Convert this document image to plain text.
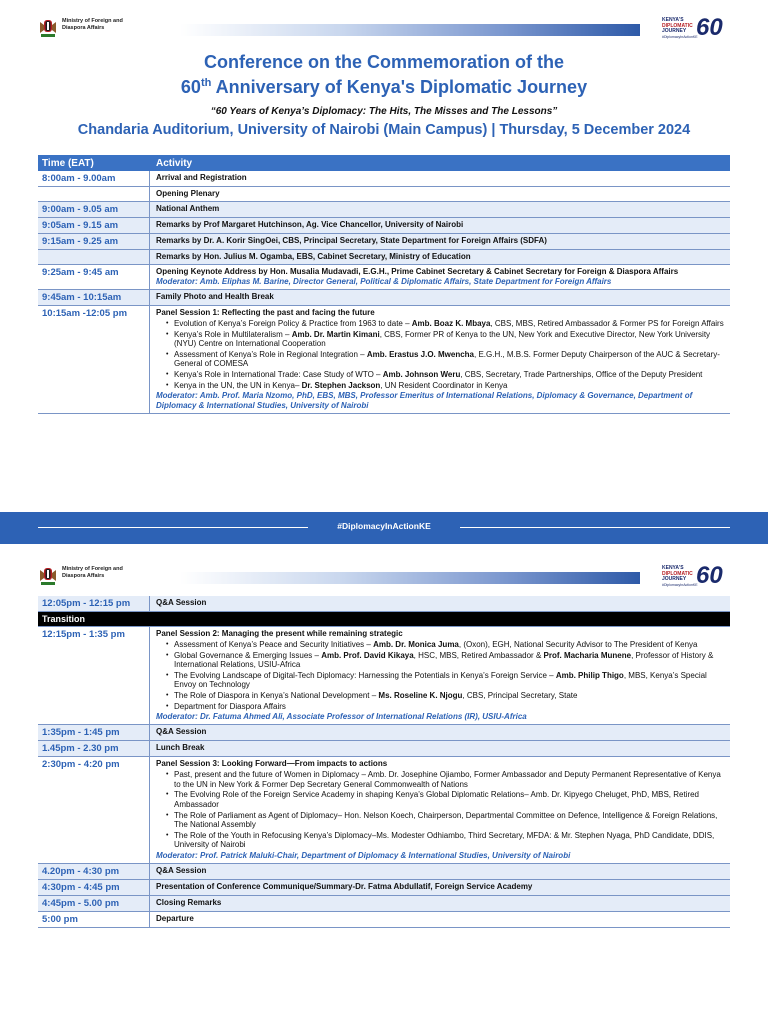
Ministry of Foreign and
Diaspora Affairs
KENYA'S
DIPLOMATIC
JOURNEY
#DiplomacyInActionKE
60
Conference on the Commemoration of the
60th Anniversary of Kenya's Diplomatic Journey
“60 Years of Kenya’s Diplomacy: The Hits, The Misses and The Lessons”
Chandaria Auditorium, University of Nairobi (Main Campus) | Thursday, 5 December 2024
Time (EAT)	Activity
8:00am - 9.00am	Arrival and Registration
Opening Plenary
9:00am - 9.05 am	National Anthem
9:05am - 9.15 am	Remarks by Prof Margaret Hutchinson, Ag. Vice Chancellor, University of Nairobi
9:15am - 9.25 am	Remarks by Dr. A. Korir SingOei, CBS, Principal Secretary, State Department for Foreign Affairs (SDFA)
Remarks by Hon. Julius M. Ogamba, EBS, Cabinet Secretary, Ministry of Education
9:25am - 9:45 am	Opening Keynote Address by Hon. Musalia Mudavadi, E.G.H., Prime Cabinet Secretary & Cabinet Secretary for Foreign & Diaspora Affairs
Moderator: Amb. Eliphas M. Barine, Director General, Political & Diplomatic Affairs, State Department for Foreign Affairs
9:45am - 10:15am	Family Photo and Health Break
10:15am -12:05 pm	Panel Session 1: Reflecting the past and facing the future
• Evolution of Kenya’s Foreign Policy & Practice from 1963 to date – Amb. Boaz K. Mbaya, CBS, MBS, Retired Ambassador & Former PS for Foreign Affairs
• Kenya’s Role in Multilateralism – Amb. Dr. Martin Kimani, CBS, Former PR of Kenya to the UN, New York and Executive Director, New York University (NYU) Centre on International Cooperation
• Assessment of Kenya’s Role in Regional Integration – Amb. Erastus J.O. Mwencha, E.G.H., M.B.S. Former Deputy Chairperson of the AUC & Secretary-General of COMESA
• Kenya’s Role in International Trade: Case Study of WTO – Amb. Johnson Weru, CBS, Secretary, Trade Partnerships, Office of the Deputy President
• Kenya in the UN, the UN in Kenya– Dr. Stephen Jackson, UN Resident Coordinator in Kenya
Moderator: Amb. Prof. Maria Nzomo, PhD, EBS, MBS, Professor Emeritus of International Relations, Diplomacy & Governance, Department of Diplomacy & International Studies, University of Nairobi
#DiplomacyInActionKE
Ministry of Foreign and
Diaspora Affairs
KENYA'S
DIPLOMATIC
JOURNEY
#DiplomacyInActionKE
60
12:05pm - 12:15 pm	Q&A Session
Transition
12:15pm - 1:35 pm	Panel Session 2: Managing the present while remaining strategic
• Assessment of Kenya’s Peace and Security Initiatives – Amb. Dr. Monica Juma, (Oxon), EGH, National Security Advisor to The President of Kenya
• Global Governance & Emerging Issues – Amb. Prof. David Kikaya, HSC, MBS, Retired Ambassador & Prof. Macharia Munene, Professor of History & International Relations, USIU-Africa
• The Evolving Landscape of Digital-Tech Diplomacy: Harnessing the Potentials in Kenya’s Foreign Service – Amb. Philip Thigo, MBS, Kenya’s Special Envoy on Technology
• The Role of Diaspora in Kenya’s National Development – Ms. Roseline K. Njogu, CBS, Principal Secretary, State
• Department for Diaspora Affairs
Moderator: Dr. Fatuma Ahmed Ali, Associate Professor of International Relations (IR), USIU-Africa
1:35pm - 1:45 pm	Q&A Session
1.45pm - 2.30 pm	Lunch Break
2:30pm - 4:20 pm	Panel Session 3: Looking Forward—From impacts to actions
• Past, present and the future of Women in Diplomacy – Amb. Dr. Josephine Ojiambo, Former Ambassador and Deputy Permanent Representative of Kenya to the UN in New York & Former Dep Secretary General Commonwealth of Nations
• The Evolving Role of the Foreign Service Academy in shaping Kenya’s Global Diplomatic Relations– Amb. Dr. Kipyego Cheluget, PhD, MBS, Retired Ambassador
• The Role of Parliament as Agent of Diplomacy– Hon. Nelson Koech, Chairperson, Departmental Committee on Defence, Intelligence & Foreign Relations, The National Assembly
• The Role of the Youth in Refocusing Kenya’s Diplomacy–Ms. Modester Odhiambo, Third Secretary, MFDA: & Mr. Stephen Nyaga, PhD Candidate, DDIS, University of Nairobi
Moderator: Prof. Patrick Maluki-Chair, Department of Diplomacy & International Studies, University of Nairobi
4.20pm - 4:30 pm	Q&A Session
4:30pm - 4:45 pm	Presentation of Conference Communique/Summary-Dr. Fatma Abdullatif, Foreign Service Academy
4:45pm - 5.00 pm	Closing Remarks
5:00 pm	Departure
